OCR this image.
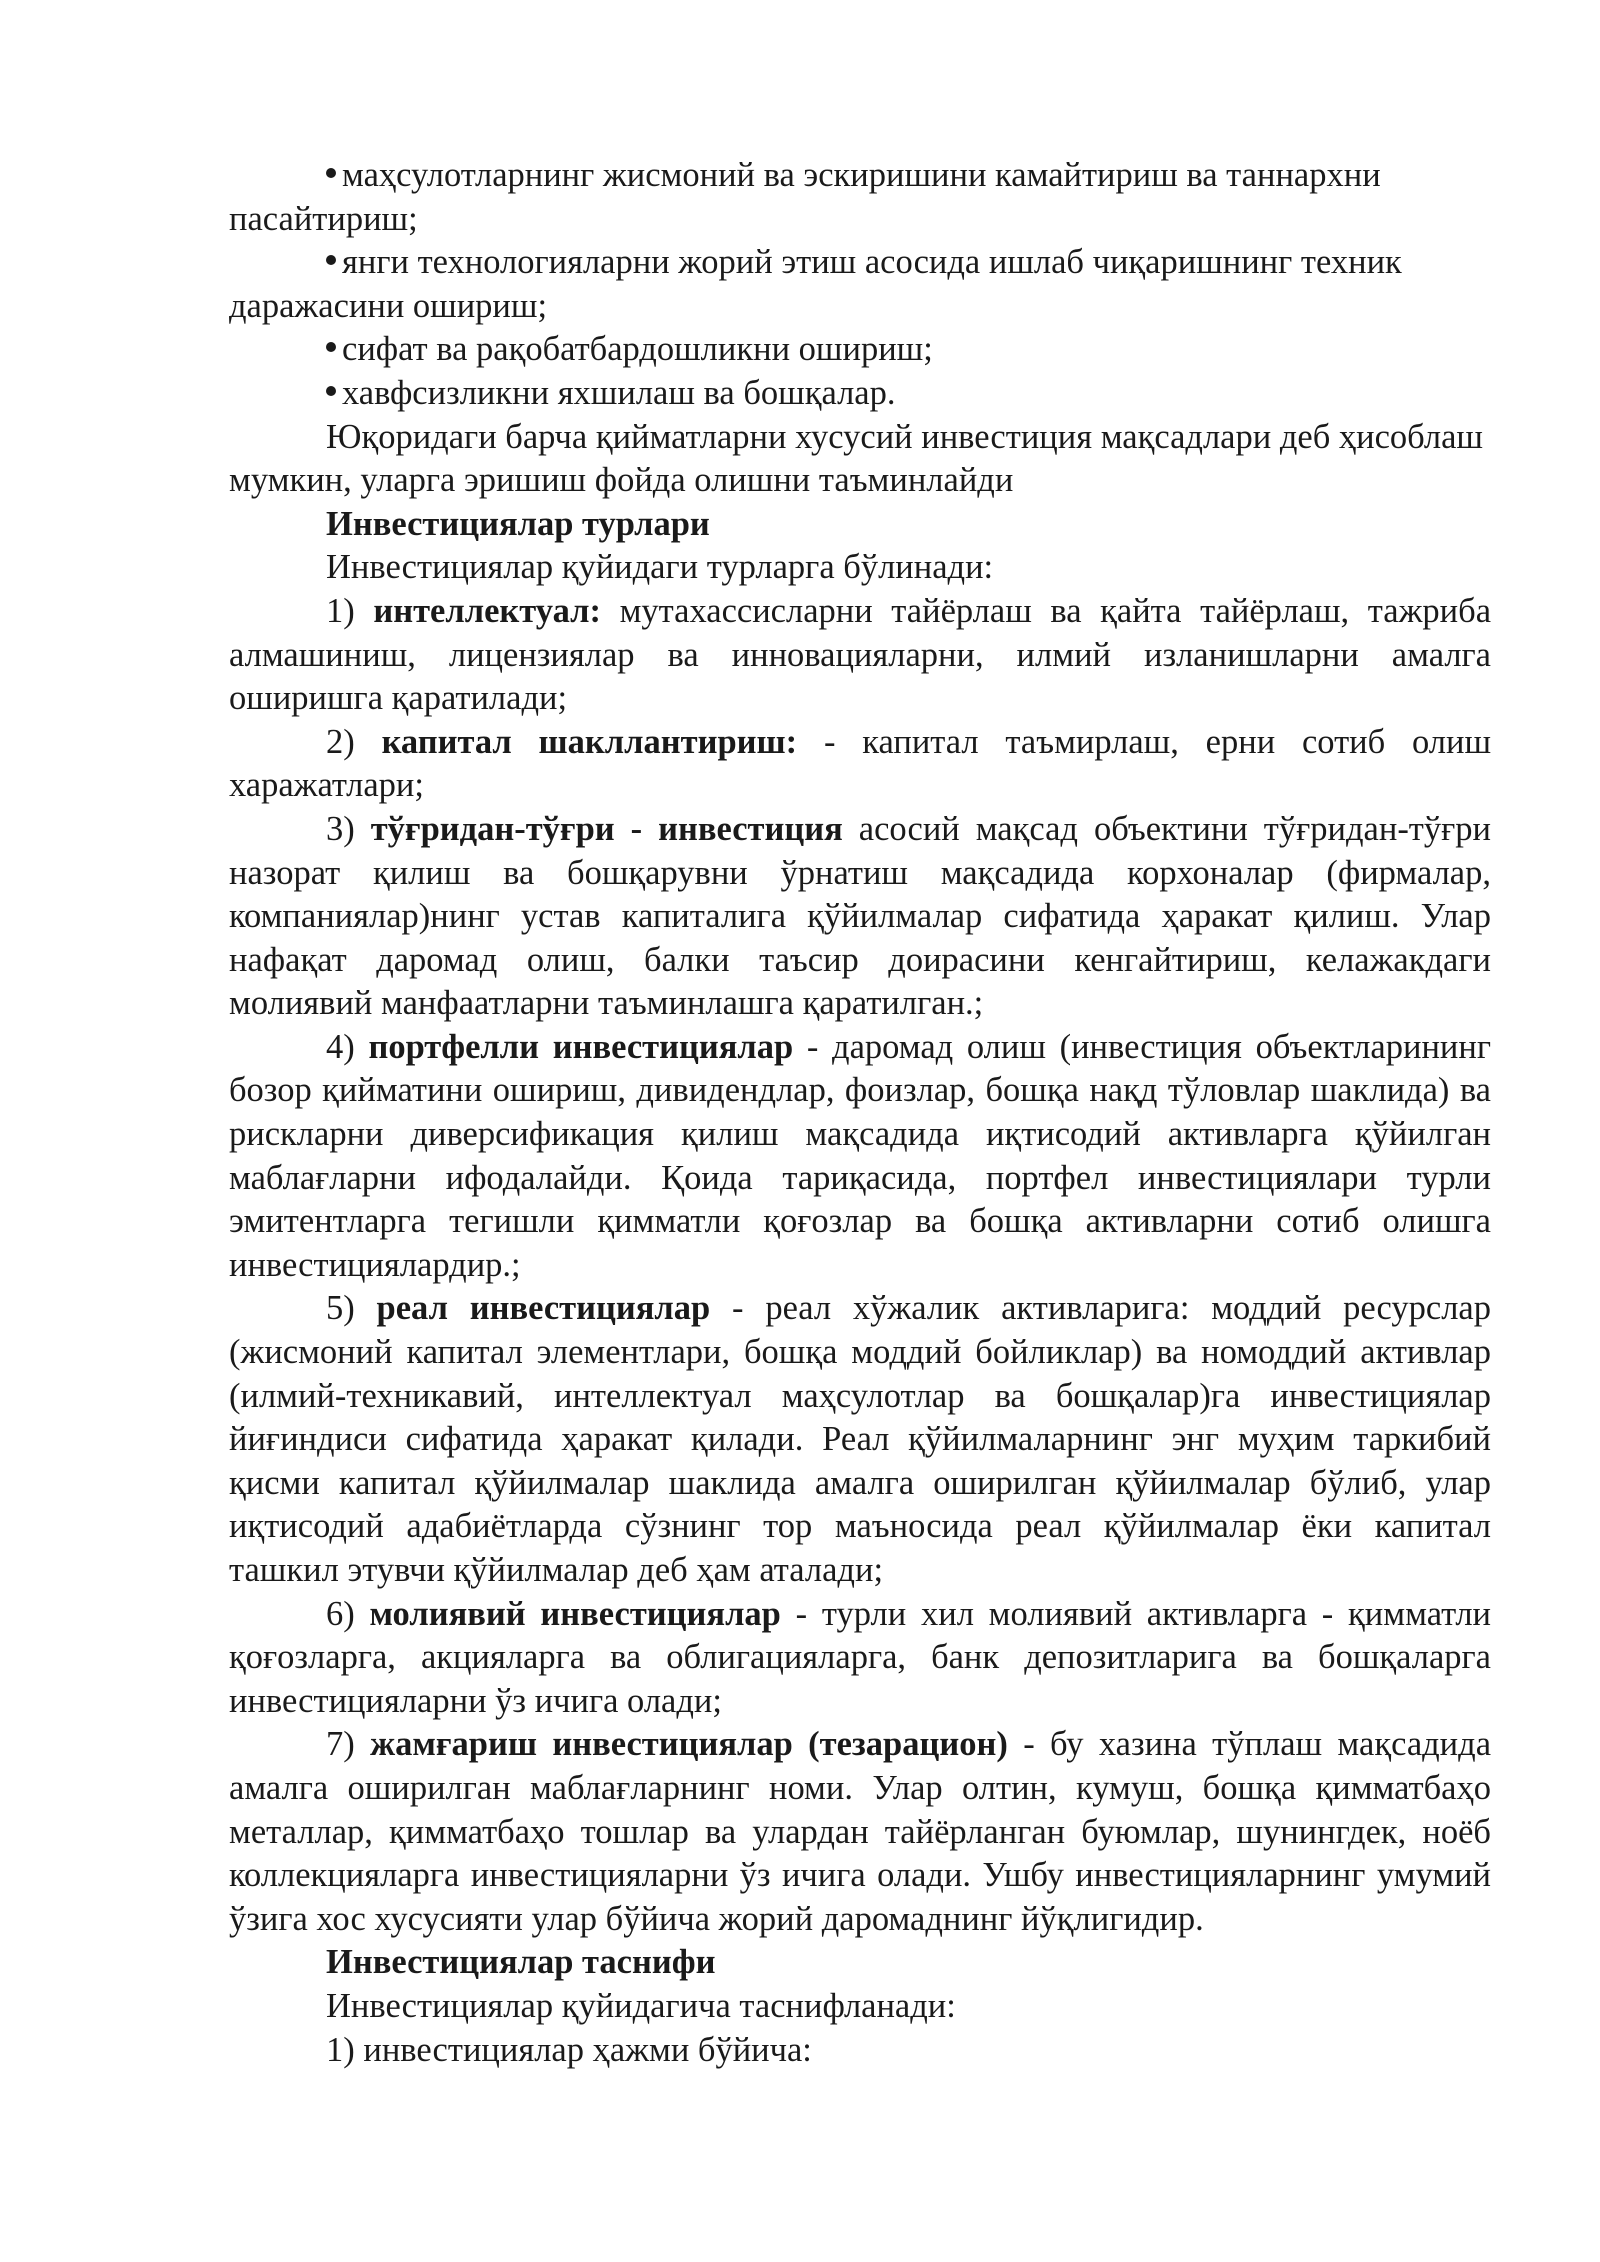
маҳсулотларнинг жисмоний ва эскиришини камайтириш ва таннархни пасайтириш;

янги технологияларни жорий этиш асосида ишлаб чиқаришнинг техник даражасини ошириш;

сифат ва рақобатбардошликни ошириш;

хавфсизликни яхшилаш ва бошқалар.

Юқоридаги барча қийматларни хусусий инвестиция мақсадлари деб ҳисоблаш мумкин, уларга эришиш фойда олишни таъминлайди

Инвестициялар турлари

Инвестициялар қуйидаги турларга бўлинади:

1) интеллектуал: мутахассисларни тайёрлаш ва қайта тайёрлаш, тажриба алмашиниш, лицензиялар ва инновацияларни, илмий изланишларни амалга оширишга қаратилади;

2) капитал шакллантириш: - капитал таъмирлаш, ерни сотиб олиш харажатлари;

3) тўғридан-тўғри - инвестиция асосий мақсад объектини тўғридан-тўғри назорат қилиш ва бошқарувни ўрнатиш мақсадида корхоналар (фирмалар, компаниялар)нинг устав капиталига қўйилмалар сифатида ҳаракат қилиш. Улар нафақат даромад олиш, балки таъсир доирасини кенгайтириш, келажакдаги молиявий манфаатларни таъминлашга қаратилган.;

4) портфелли инвестициялар - даромад олиш (инвестиция объектларининг бозор қийматини ошириш, дивидендлар, фоизлар, бошқа нақд тўловлар шаклида) ва рискларни диверсификация қилиш мақсадида иқтисодий активларга қўйилган маблағларни ифодалайди. Қоида тариқасида, портфел инвестициялари турли эмитентларга тегишли қимматли қоғозлар ва бошқа активларни сотиб олишга инвестициялардир.;

5) реал инвестициялар - реал хўжалик активларига: моддий ресурслар (жисмоний капитал элементлари, бошқа моддий бойликлар) ва номоддий активлар (илмий-техникавий, интеллектуал маҳсулотлар ва бошқалар)га инвестициялар йиғиндиси сифатида ҳаракат қилади. Реал қўйилмаларнинг энг муҳим таркибий қисми капитал қўйилмалар шаклида амалга оширилган қўйилмалар бўлиб, улар иқтисодий адабиётларда сўзнинг тор маъносида реал қўйилмалар ёки капитал ташкил этувчи қўйилмалар деб ҳам аталади;

6) молиявий инвестициялар - турли хил молиявий активларга - қимматли қоғозларга, акцияларга ва облигацияларга, банк депозитларига ва бошқаларга инвестицияларни ўз ичига олади;

7) жамғариш инвестициялар (тезарацион) - бу хазина тўплаш мақсадида амалга оширилган маблағларнинг номи. Улар олтин, кумуш, бошқа қимматбаҳо металлар, қимматбаҳо тошлар ва улардан тайёрланган буюмлар, шунингдек, ноёб коллекцияларга инвестицияларни ўз ичига олади. Ушбу инвестицияларнинг умумий ўзига хос хусусияти улар бўйича жорий даромаднинг йўқлигидир.

Инвестициялар таснифи

Инвестициялар қуйидагича таснифланади:

1) инвестициялар ҳажми бўйича:
